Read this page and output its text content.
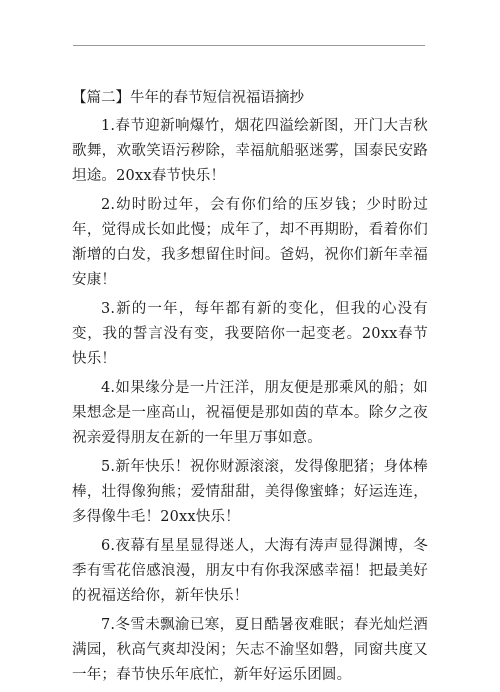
【篇二】牛年的春节短信祝福语摘抄

1.春节迎新响爆竹，烟花四溢绘新图，开门大吉秋歌舞，欢歌笑语污秽除，幸福航船驱迷雾，国泰民安路坦途。20xx春节快乐！

2.幼时盼过年，会有你们给的压岁钱；少时盼过年，觉得成长如此慢；成年了，却不再期盼，看着你们渐增的白发，我多想留住时间。爸妈，祝你们新年幸福安康！

3.新的一年，每年都有新的变化，但我的心没有变，我的誓言没有变，我要陪你一起变老。20xx春节快乐！

4.如果缘分是一片汪洋，朋友便是那乘风的船；如果想念是一座高山，祝福便是那如茵的草本。除夕之夜祝亲爱得朋友在新的一年里万事如意。

5.新年快乐！祝你财源滚滚，发得像肥猪；身体棒棒，壮得像狗熊；爱情甜甜，美得像蜜蜂；好运连连，多得像牛毛！20xx快乐！

6.夜幕有星星显得迷人，大海有涛声显得渊博，冬季有雪花倍感浪漫，朋友中有你我深感幸福！把最美好的祝福送给你，新年快乐！

7.冬雪未飘渝已寒，夏日酷暑夜难眠；春光灿烂酒满园，秋高气爽却没闲；矢志不渝坚如磐，同窗共度又一年；春节快乐年底忙，新年好运乐团圆。
